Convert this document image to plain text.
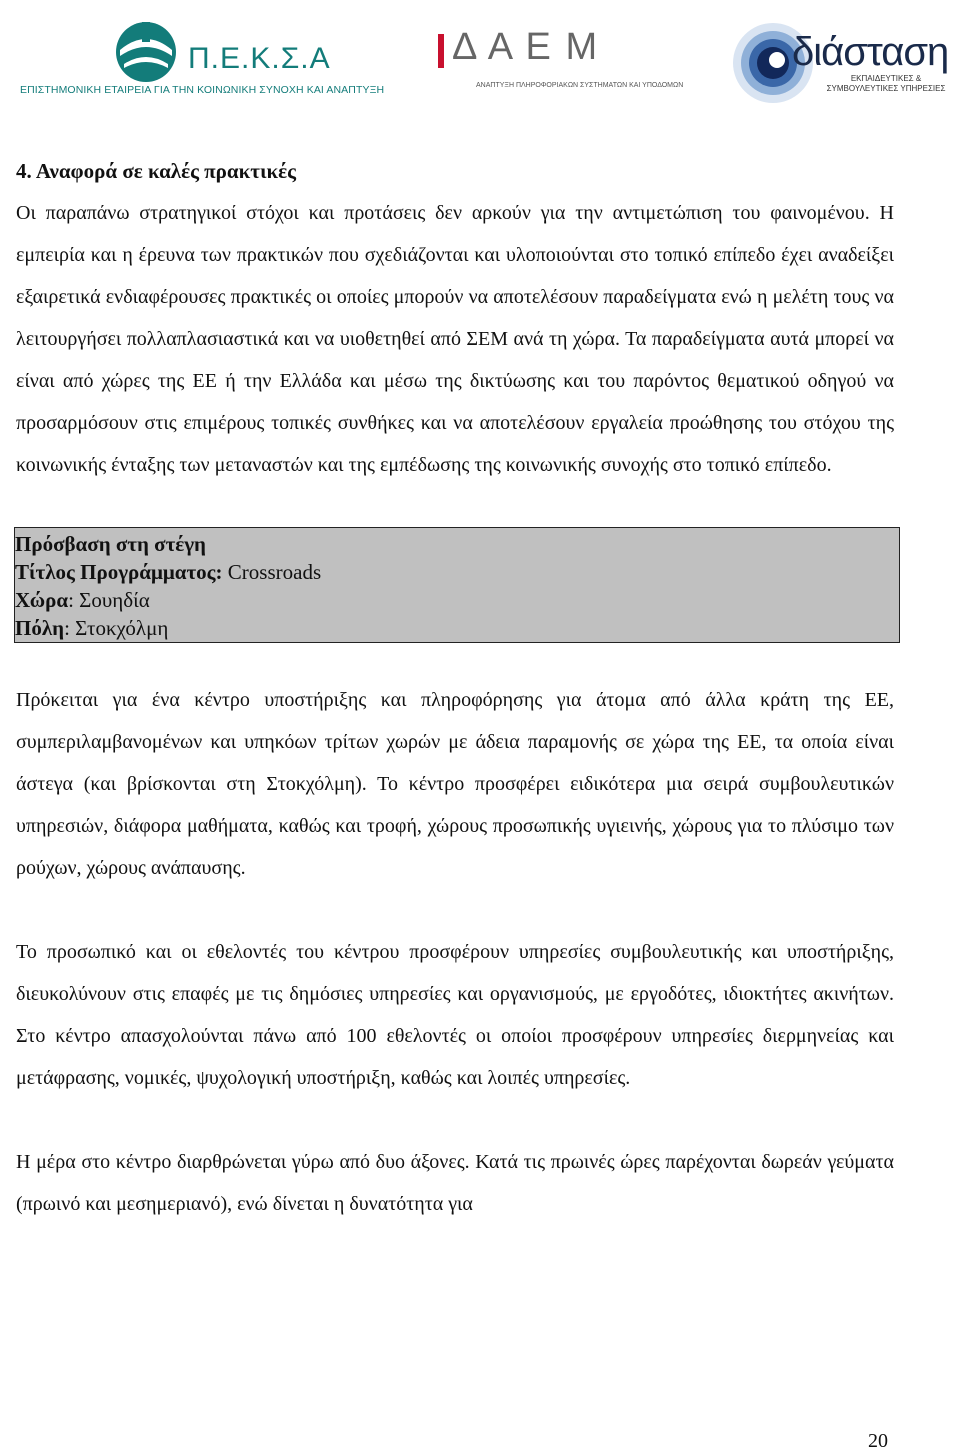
Π.Ε.Κ.Σ.Α
ΕΠΙΣΤΗΜΟΝΙΚΗ ΕΤΑΙΡΕΙΑ ΓΙΑ ΤΗΝ ΚΟΙΝΩΝΙΚΗ ΣΥΝΟΧΗ ΚΑΙ ΑΝΑΠΤΥΞΗ
Δ Α Ε Μ
ΑΝΑΠΤΥΞΗ ΠΛΗΡΟΦΟΡΙΑΚΩΝ ΣΥΣΤΗΜΑΤΩΝ ΚΑΙ ΥΠΟΔΟΜΩΝ
διάσταση
ΕΚΠΑΙΔΕΥΤΙΚΕΣ & ΣΥΜΒΟΥΛΕΥΤΙΚΕΣ ΥΠΗΡΕΣΙΕΣ
4. Αναφορά σε καλές πρακτικές

Οι παραπάνω στρατηγικοί στόχοι και προτάσεις δεν αρκούν για την αντιμετώπιση του φαινομένου. Η εμπειρία και η έρευνα των πρακτικών που σχεδιάζονται και υλοποιούνται στο τοπικό επίπεδο έχει αναδείξει εξαιρετικά ενδιαφέρουσες πρακτικές οι οποίες μπορούν να αποτελέσουν παραδείγματα ενώ η μελέτη τους να λειτουργήσει πολλαπλασιαστικά και να υιοθετηθεί από ΣΕΜ ανά τη χώρα. Τα παραδείγματα αυτά μπορεί να είναι από χώρες της ΕΕ ή την Ελλάδα και μέσω της δικτύωσης και του παρόντος θεματικού οδηγού να προσαρμόσουν στις επιμέρους τοπικές συνθήκες και να αποτελέσουν εργαλεία προώθησης του στόχου της κοινωνικής ένταξης των μεταναστών και της εμπέδωσης της κοινωνικής συνοχής στο τοπικό επίπεδο.

Πρόσβαση στη στέγη
Τίτλος Προγράμματος: Crossroads
Χώρα: Σουηδία
Πόλη: Στοκχόλμη

Πρόκειται για ένα κέντρο υποστήριξης και πληροφόρησης για άτομα από άλλα κράτη της ΕΕ, συμπεριλαμβανομένων και υπηκόων τρίτων χωρών με άδεια παραμονής σε χώρα της ΕΕ, τα οποία είναι άστεγα (και βρίσκονται στη Στοκχόλμη). Το κέντρο προσφέρει ειδικότερα μια σειρά συμβουλευτικών υπηρεσιών, διάφορα μαθήματα, καθώς και τροφή, χώρους προσωπικής υγιεινής, χώρους για το πλύσιμο των ρούχων, χώρους ανάπαυσης.

Το προσωπικό και οι εθελοντές του κέντρου προσφέρουν υπηρεσίες συμβουλευτικής και υποστήριξης, διευκολύνουν στις επαφές με τις δημόσιες υπηρεσίες και οργανισμούς, με εργοδότες, ιδιοκτήτες ακινήτων. Στο κέντρο απασχολούνται πάνω από 100 εθελοντές οι οποίοι προσφέρουν υπηρεσίες διερμηνείας και μετάφρασης, νομικές, ψυχολογική υποστήριξη, καθώς και λοιπές υπηρεσίες.

Η μέρα στο κέντρο διαρθρώνεται γύρω από δυο άξονες. Κατά τις πρωινές ώρες παρέχονται δωρεάν γεύματα (πρωινό και μεσημεριανό), ενώ δίνεται η δυνατότητα για

20
